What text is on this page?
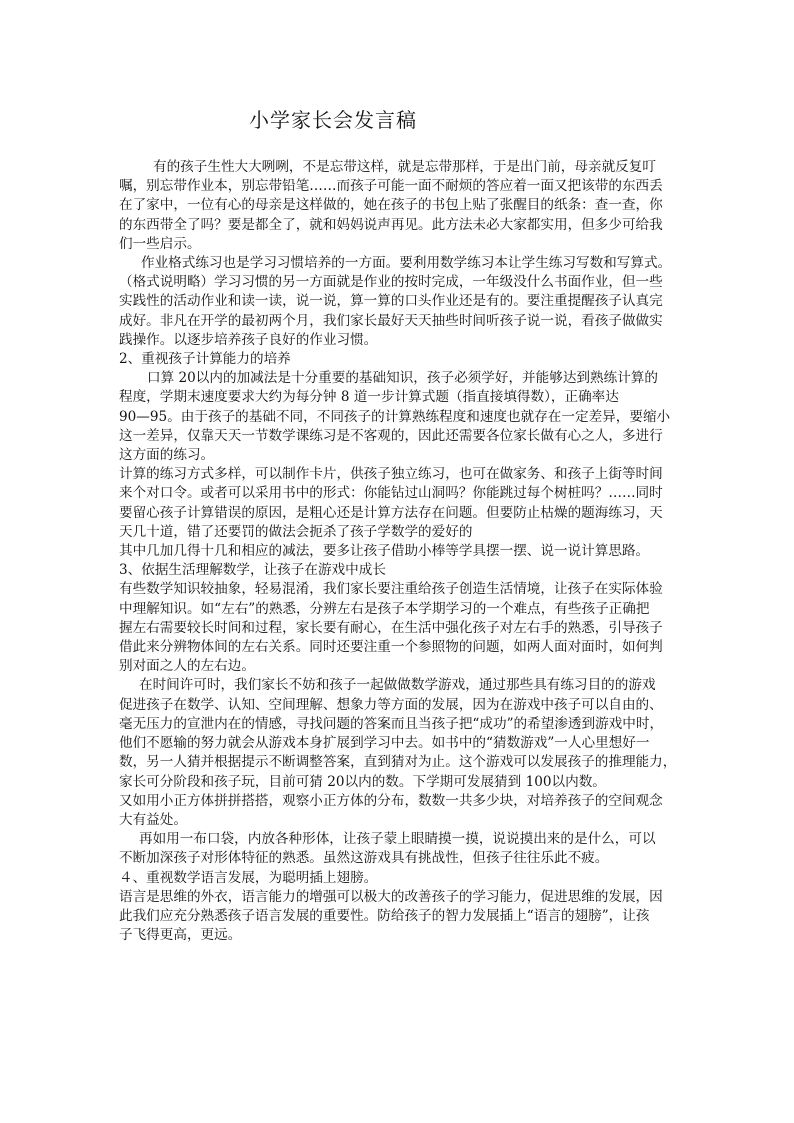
小学家长会发言稿

有的孩子生性大大咧咧，不是忘带这样，就是忘带那样，于是出门前，母亲就反复叮

嘱，别忘带作业本，别忘带铅笔……而孩子可能一面不耐烦的答应着一面又把该带的东西丢

在了家中，一位有心的母亲是这样做的，她在孩子的书包上贴了张醒目的纸条：查一查，你

的东西带全了吗？要是都全了，就和妈妈说声再见。此方法未必大家都实用，但多少可给我

们一些启示。

作业格式练习也是学习习惯培养的一方面。要利用数学练习本让学生练习写数和写算式。

（格式说明略）学习习惯的另一方面就是作业的按时完成，一年级没什么书面作业，但一些

实践性的活动作业和读一读，说一说，算一算的口头作业还是有的。要注重提醒孩子认真完

成好。非凡在开学的最初两个月，我们家长最好天天抽些时间听孩子说一说，看孩子做做实

践操作。以逐步培养孩子良好的作业习惯。

2、重视孩子计算能力的培养

口算 20以内的加减法是十分重要的基础知识，孩子必须学好，并能够达到熟练计算的

程度，学期末速度要求大约为每分钟 8 道一步计算式题（指直接填得数），正确率达

90—95。由于孩子的基础不同，不同孩子的计算熟练程度和速度也就存在一定差异，要缩小

这一差异，仅靠天天一节数学课练习是不客观的，因此还需要各位家长做有心之人，多进行

这方面的练习。

计算的练习方式多样，可以制作卡片，供孩子独立练习，也可在做家务、和孩子上街等时间

来个对口令。或者可以采用书中的形式：你能钻过山洞吗？你能跳过每个树桩吗？……同时

要留心孩子计算错误的原因，是粗心还是计算方法存在问题。但要防止枯燥的题海练习，天

天几十道，错了还要罚的做法会扼杀了孩子学数学的爱好的

其中几加几得十几和相应的减法，要多让孩子借助小棒等学具摆一摆、说一说计算思路。

3、依据生活理解数学，让孩子在游戏中成长

有些数学知识较抽象，轻易混淆，我们家长要注重给孩子创造生活情境，让孩子在实际体验

中理解知识。如“左右”的熟悉，分辨左右是孩子本学期学习的一个难点，有些孩子正确把

握左右需要较长时间和过程，家长要有耐心，在生活中强化孩子对左右手的熟悉，引导孩子

借此来分辨物体间的左右关系。同时还要注重一个参照物的问题，如两人面对面时，如何判

别对面之人的左右边。

在时间许可时，我们家长不妨和孩子一起做做数学游戏，通过那些具有练习目的的游戏

促进孩子在数学、认知、空间理解、想象力等方面的发展，因为在游戏中孩子可以自由的、

毫无压力的宣泄内在的情感，寻找问题的答案而且当孩子把“成功”的希望渗透到游戏中时，

他们不愿输的努力就会从游戏本身扩展到学习中去。如书中的“猜数游戏”一人心里想好一

数，另一人猜并根据提示不断调整答案，直到猜对为止。这个游戏可以发展孩子的推理能力，

家长可分阶段和孩子玩，目前可猜 20以内的数。下学期可发展猜到 100以内数。

又如用小正方体拼拼搭搭，观察小正方体的分布，数数一共多少块，对培养孩子的空间观念

大有益处。

再如用一布口袋，内放各种形体，让孩子蒙上眼睛摸一摸，说说摸出来的是什么，可以

不断加深孩子对形体特征的熟悉。虽然这游戏具有挑战性，但孩子往往乐此不疲。

４、重视数学语言发展，为聪明插上翅膀。

语言是思维的外衣，语言能力的增强可以极大的改善孩子的学习能力，促进思维的发展，因

此我们应充分熟悉孩子语言发展的重要性。防给孩子的智力发展插上“语言的翅膀”，让孩

子飞得更高，更远。
